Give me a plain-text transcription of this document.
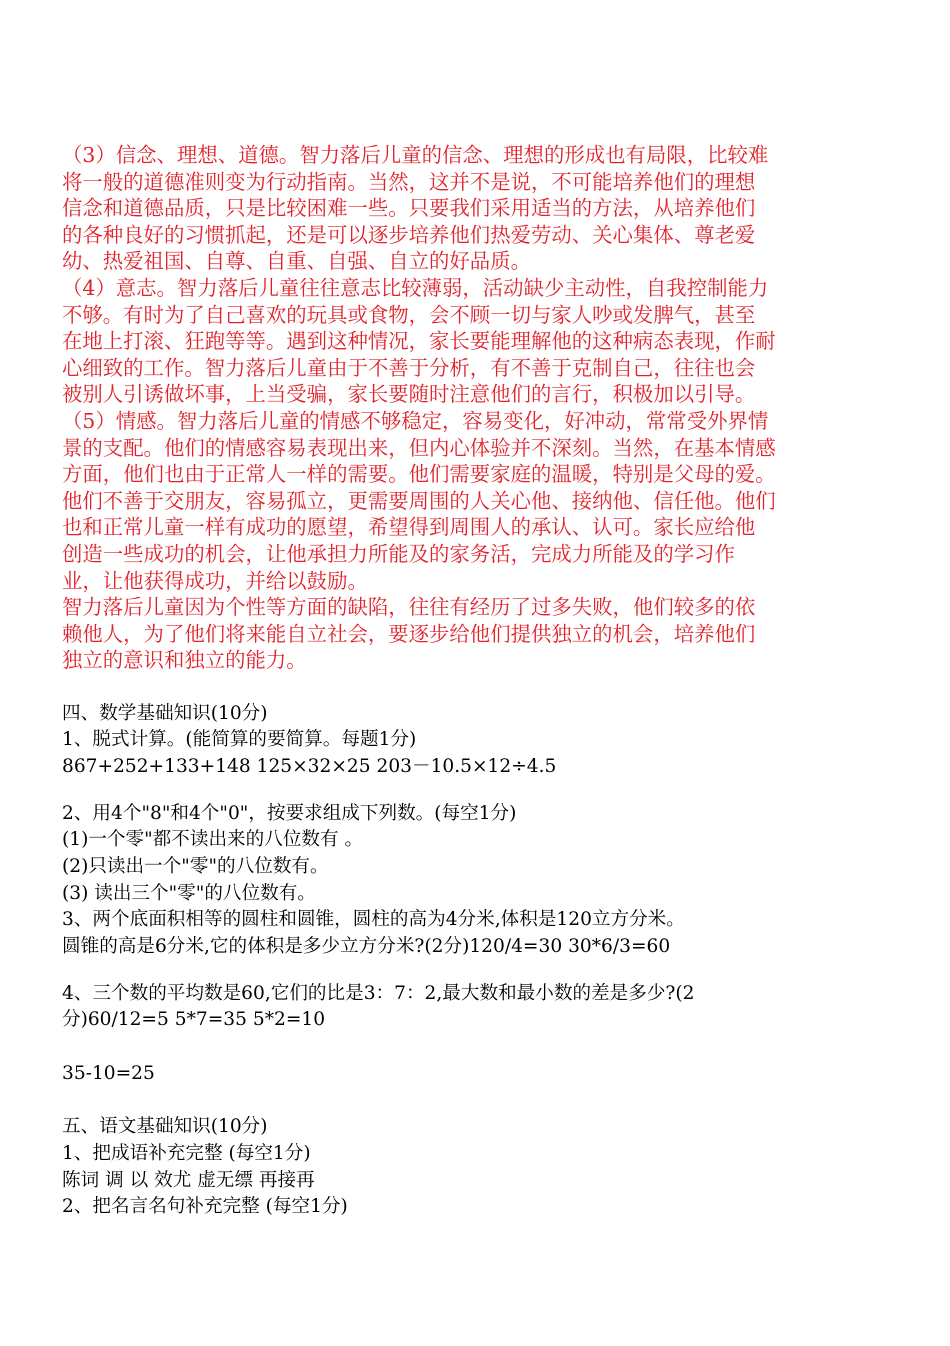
（3）信念、理想、道德。智力落后儿童的信念、理想的形成也有局限，比较难
将一般的道德准则变为行动指南。当然，这并不是说，不可能培养他们的理想
信念和道德品质，只是比较困难一些。只要我们采用适当的方法，从培养他们
的各种良好的习惯抓起，还是可以逐步培养他们热爱劳动、关心集体、尊老爱
幼、热爱祖国、自尊、自重、自强、自立的好品质。
（4）意志。智力落后儿童往往意志比较薄弱，活动缺少主动性，自我控制能力
不够。有时为了自己喜欢的玩具或食物，会不顾一切与家人吵或发脾气，甚至
在地上打滚、狂跑等等。遇到这种情况，家长要能理解他的这种病态表现，作耐
心细致的工作。智力落后儿童由于不善于分析，有不善于克制自己，往往也会
被别人引诱做坏事，上当受骗，家长要随时注意他们的言行，积极加以引导。
（5）情感。智力落后儿童的情感不够稳定，容易变化，好冲动，常常受外界情
景的支配。他们的情感容易表现出来，但内心体验并不深刻。当然，在基本情感
方面，他们也由于正常人一样的需要。他们需要家庭的温暖，特别是父母的爱。
他们不善于交朋友，容易孤立，更需要周围的人关心他、接纳他、信任他。他们
也和正常儿童一样有成功的愿望，希望得到周围人的承认、认可。家长应给他
创造一些成功的机会，让他承担力所能及的家务活，完成力所能及的学习作
业，让他获得成功，并给以鼓励。
智力落后儿童因为个性等方面的缺陷，往往有经历了过多失败，他们较多的依
赖他人，为了他们将来能自立社会，要逐步给他们提供独立的机会，培养他们
独立的意识和独立的能力。
四、数学基础知识(10分)
1、脱式计算。(能简算的要简算。每题1分)
867+252+133+148 125×32×25 203－10.5×12÷4.5
2、用4个"8"和4个"0"，按要求组成下列数。(每空1分)
(1)一个零"都不读出来的八位数有 。
(2)只读出一个"零"的八位数有。
(3) 读出三个"零"的八位数有。
3、两个底面积相等的圆柱和圆锥，圆柱的高为4分米,体积是120立方分米。
圆锥的高是6分米,它的体积是多少立方分米?(2分)120/4=30 30*6/3=60
4、三个数的平均数是60,它们的比是3：7：2,最大数和最小数的差是多少?(2
分)60/12=5 5*7=35 5*2=10
35-10=25
五、语文基础知识(10分)
1、把成语补充完整 (每空1分)
陈词 调 以 效尤 虚无缥 再接再
2、把名言名句补充完整 (每空1分)
